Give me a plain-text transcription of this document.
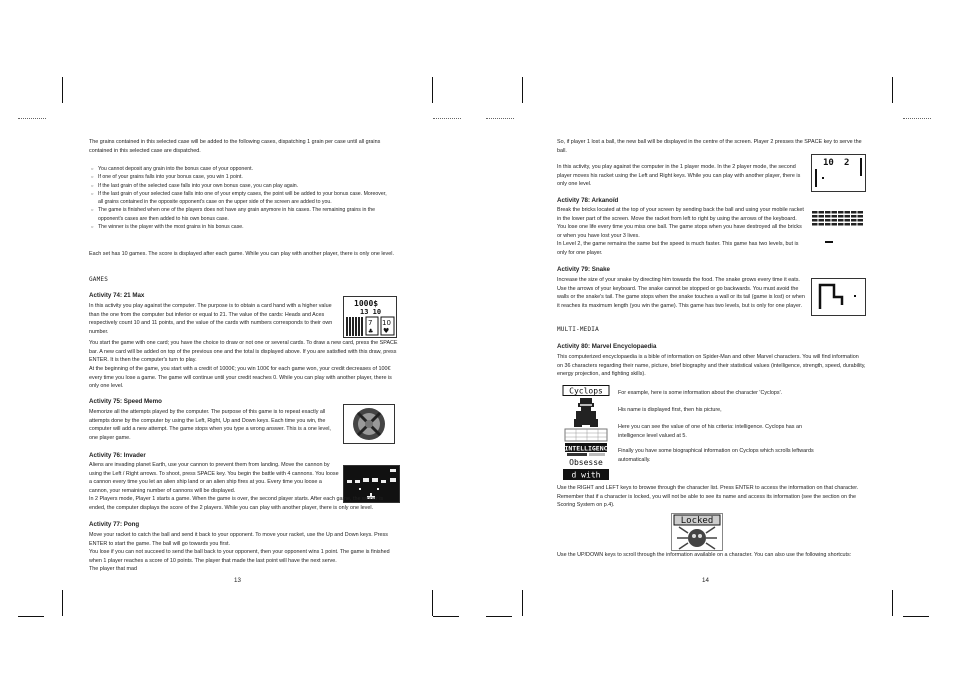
The grains contained in this selected case will be added to the following cases, dispatching 1 grain per case until all grains contained in this selected case are dispatched.

○ You cannot deposit any grain into the bonus case of your opponent.
○ If one of your grains falls into your bonus case, you win 1 point.
○ If the last grain of the selected case falls into your own bonus case, you can play again.
○ If the last grain of your selected case falls into one of your empty cases, the point will be added to your bonus case. Moreover, all grains contained in the opposite opponent's case on the upper side of the screen are added to you.
○ The game is finished when one of the players does not have any grain anymore in his cases. The remaining grains in the opponent's cases are then added to his own bonus case.
○ The winner is the player with the most grains in his bonus case.

Each set has 10 games. The score is displayed after each game. While you can play with another player, there is only one level.

GAMES

Activity 74: 21 Max

In this activity you play against the computer. The purpose is to obtain a card hand with a higher value than the one from the computer but inferior or equal to 21. The value of the cards: Heads and Aces respectively count 10 and 11 points, and the value of the cards with numbers corresponds to their own number.

1000$
13 10
7
♣
10
♥

You start the game with one card; you have the choice to draw or not one or several cards. To draw a new card, press the SPACE bar. A new card will be added on top of the previous one and the total is displayed above. If you are satisfied with this draw, press ENTER. It is then the computer's turn to play.

At the beginning of the game, you start with a credit of 1000€; you win 100€ for each game won, your credit decreases of 100€ every time you lose a game. The game will continue until your credit reaches 0. While you can play with another player, there is only one level.

Activity 75: Speed Memo

Memorize all the attempts played by the computer. The purpose of this game is to repeat exactly all attempts done by the computer by using the Left, Right, Up and Down keys. Each time you win, the computer will add a new attempt. The game stops when you type a wrong answer. This is a one level, one player game.

Activity 76: Invader

Aliens are invading planet Earth, use your cannon to prevent them from landing. Move the cannon by using the Left / Right arrows. To shoot, press SPACE key. You begin the battle with 4 cannons. You loose a cannon every time you let an alien ship land or an alien ship fires at you. Every time you loose a cannon, your remaining number of cannons will be displayed.

In 2 Players mode, Player 1 starts a game. When the game is over, the second player starts. After each game, the winner is ended, the computer displays the score of the 2 players. While you can play with another player, there is only one level.

Activity 77: Pong

Move your racket to catch the ball and send it back to your opponent. To move your racket, use the Up and Down keys. Press ENTER to start the game. The ball will go towards you first.

You lose if you can not succeed to send the ball back to your opponent, then your opponent wins 1 point. The game is finished when 1 player reaches a score of 10 points. The player that made the last point will have the next serve.

The player that mad

13

So, if player 1 lost a ball, the new ball will be displayed in the centre of the screen. Player 2 presses the SPACE key to serve the ball.

In this activity, you play against the computer in the 1 player mode. In the 2 player mode, the second player moves his racket using the Left and Right keys. While you can play with another player, there is only one level.

10 2

Activity 78: Arkanoïd

Break the bricks located at the top of your screen by sending back the ball and using your mobile racket in the lower part of the screen. Move the racket from left to right by using the arrows of the keyboard. You lose one life every time you miss one ball. The game stops when you have destroyed all the bricks or when you have lost your 3 lives.

In Level 2, the game remains the same but the speed is much faster. This game has two levels, but is only for one player.

Activity 79: Snake

Increase the size of your snake by directing him towards the food. The snake grows every time it eats. Use the arrows of your keyboard. The snake cannot be stopped or go backwards. You must avoid the walls or the snake's tail. The game stops when the snake touches a wall or its tail (game is lost) or when it reaches its maximum length (you win the game). This game has two levels, but is only for one player.

MULTI-MEDIA

Activity 80: Marvel Encyclopaedia

This computerized encyclopaedia is a bible of information on Spider-Man and other Marvel characters. You will find information on 36 characters regarding their name, picture, brief biography and their statistical values (intelligence, strength, speed, durability, energy projection, and fighting skills).

Cyclops
INTELLIGENC
Obsesse
d with

For example, here is some information about the character 'Cyclops'.

His name is displayed first, then his picture,

Here you can see the value of one of his criteria: intelligence. Cyclops has an intelligence level valued at 5.

Finally you have some biographical information on Cyclops which scrolls leftwards automatically.

Use the RIGHT and LEFT keys to browse through the character list. Press ENTER to access the information on that character. Remember that if a character is locked, you will not be able to see its name and access its information (see the section on the Scoring System on p.4).

Locked

Use the UP/DOWN keys to scroll through the information available on a character. You can also use the following shortcuts:

14
